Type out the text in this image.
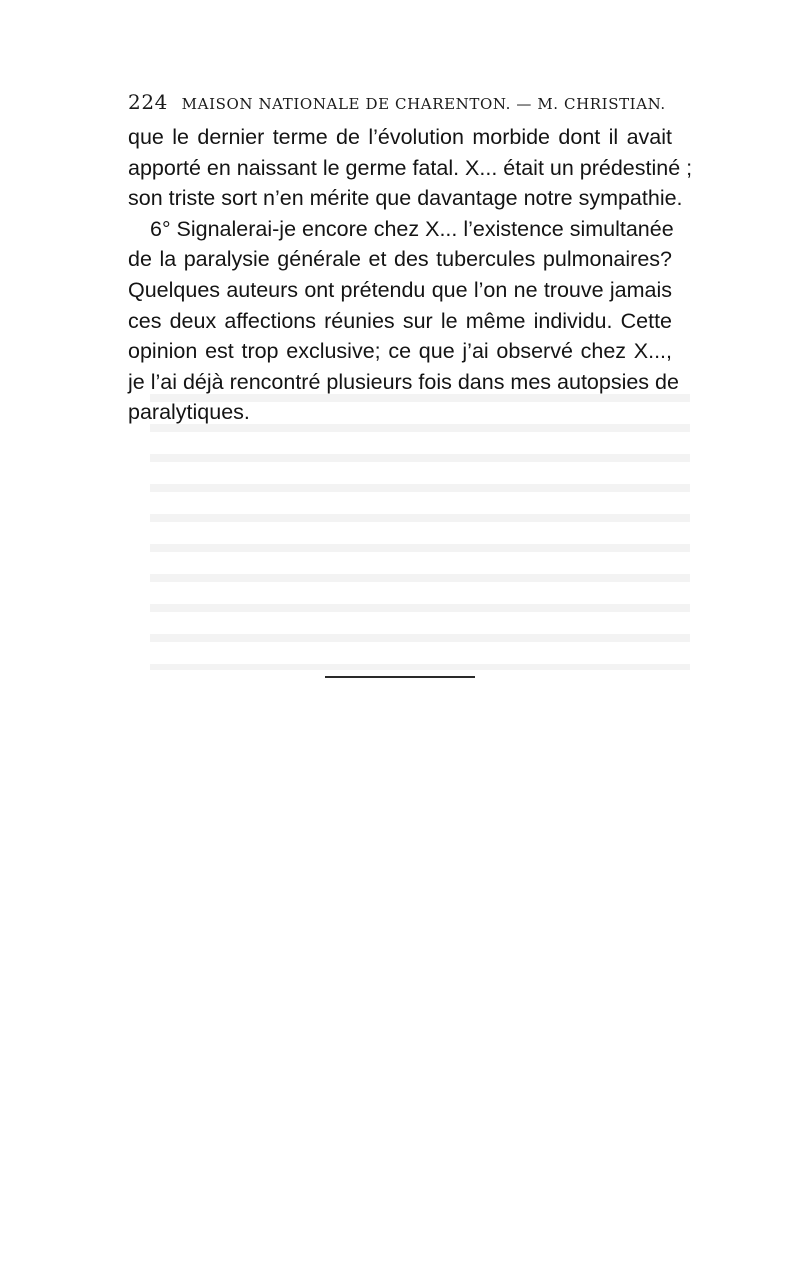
224 MAISON NATIONALE DE CHARENTON. — M. CHRISTIAN.
que le dernier terme de l’évolution morbide dont il avait
apporté en naissant le germe fatal. X... était un prédestiné ;
son triste sort n’en mérite que davantage notre sympathie.
6° Signalerai-je encore chez X... l’existence simultanée
de la paralysie générale et des tubercules pulmonaires?
Quelques auteurs ont prétendu que l’on ne trouve jamais
ces deux affections réunies sur le même individu. Cette
opinion est trop exclusive; ce que j’ai observé chez X...,
je l’ai déjà rencontré plusieurs fois dans mes autopsies de
paralytiques.
